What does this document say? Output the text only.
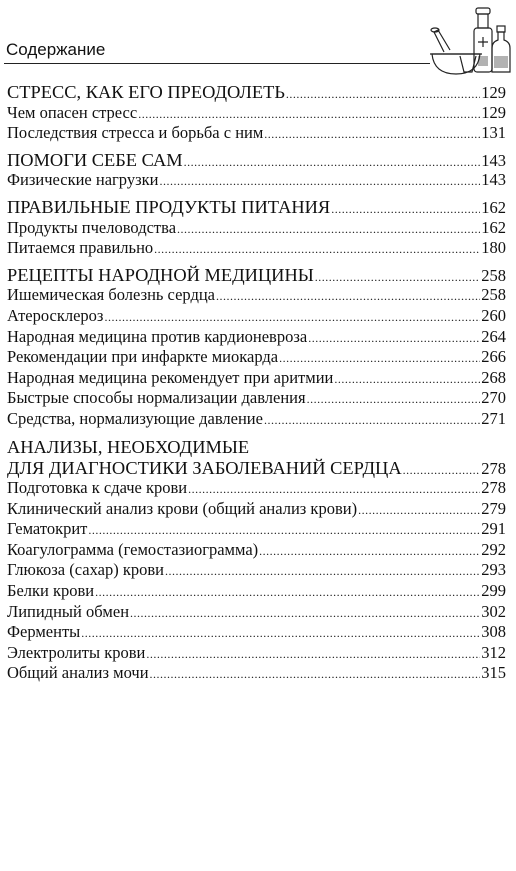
Содержание
СТРЕСС, КАК ЕГО ПРЕОДОЛЕТЬ .....	129
Чем опасен стресс .....	129
Последствия стресса и борьба с ним .....	131
ПОМОГИ СЕБЕ САМ .....	143
Физические нагрузки .....	143
ПРАВИЛЬНЫЕ ПРОДУКТЫ ПИТАНИЯ .....	162
Продукты пчеловодства .....	162
Питаемся правильно .....	180
РЕЦЕПТЫ НАРОДНОЙ МЕДИЦИНЫ .....	258
Ишемическая болезнь сердца .....	258
Атеросклероз .....	260
Народная медицина против кардионевроза .....	264
Рекомендации при инфаркте миокарда .....	266
Народная медицина рекомендует при аритмии .....	268
Быстрые способы нормализации давления .....	270
Средства, нормализующие давление .....	271
АНАЛИЗЫ, НЕОБХОДИМЫЕ
ДЛЯ ДИАГНОСТИКИ ЗАБОЛЕВАНИЙ СЕРДЦА .....	278
Подготовка к сдаче крови .....	278
Клинический анализ крови (общий анализ крови) .....	279
Гематокрит .....	291
Коагулограмма (гемостазиограмма) .....	292
Глюкоза (сахар) крови .....	293
Белки крови .....	299
Липидный обмен .....	302
Ферменты .....	308
Электролиты крови .....	312
Общий анализ мочи .....	315
